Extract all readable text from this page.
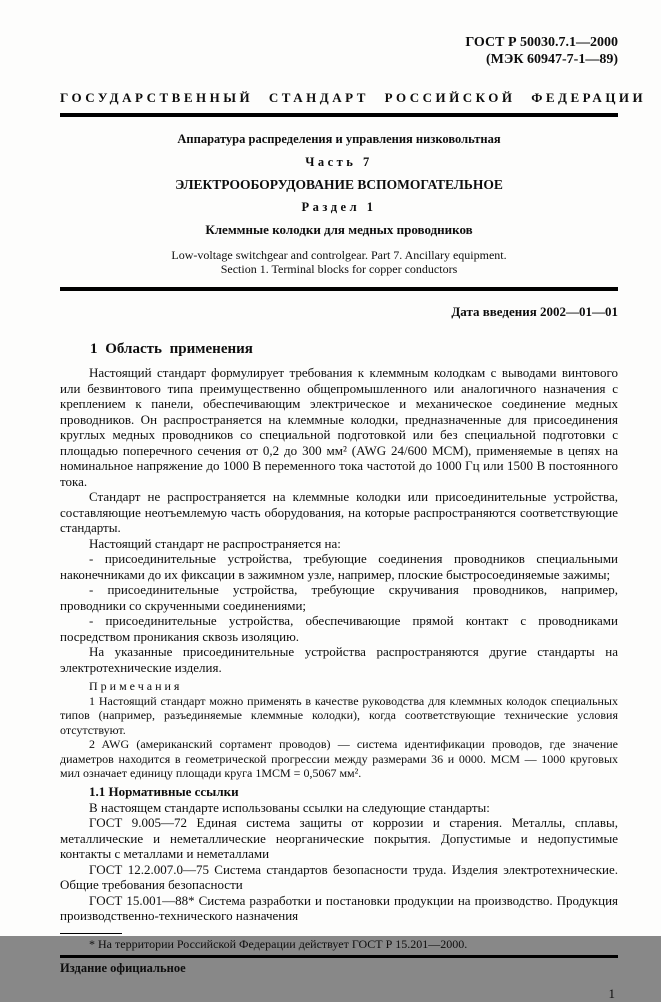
ГОСТ Р 50030.7.1—2000
(МЭК 60947-7-1—89)
ГОСУДАРСТВЕННЫЙ СТАНДАРТ РОССИЙСКОЙ ФЕДЕРАЦИИ
Аппаратура распределения и управления низковольтная
Часть 7
ЭЛЕКТРООБОРУДОВАНИЕ ВСПОМОГАТЕЛЬНОЕ
Раздел 1
Клеммные колодки для медных проводников
Low-voltage switchgear and controlgear. Part 7. Ancillary equipment.
Section 1. Terminal blocks for copper conductors
Дата введения 2002—01—01
1 Область применения

Настоящий стандарт формулирует требования к клеммным колодкам с выводами винтового или безвинтового типа преимущественно общепромышленного или аналогичного назначения с креплением к панели, обеспечивающим электрическое и механическое соединение медных проводников. Он распространяется на клеммные колодки, предназначенные для присоединения круглых медных проводников со специальной подготовкой или без специальной подготовки с площадью поперечного сечения от 0,2 до 300 мм² (AWG 24/600 MCM), применяемые в цепях на номинальное напряжение до 1000 В переменного тока частотой до 1000 Гц или 1500 В постоянного тока.

Стандарт не распространяется на клеммные колодки или присоединительные устройства, составляющие неотъемлемую часть оборудования, на которые распространяются соответствующие стандарты.

Настоящий стандарт не распространяется на:

- присоединительные устройства, требующие соединения проводников специальными наконечниками до их фиксации в зажимном узле, например, плоские быстросоединяемые зажимы;

- присоединительные устройства, требующие скручивания проводников, например, проводники со скрученными соединениями;

- присоединительные устройства, обеспечивающие прямой контакт с проводниками посредством проникания сквозь изоляцию.

На указанные присоединительные устройства распространяются другие стандарты на электротехнические изделия.

Примечания

1 Настоящий стандарт можно применять в качестве руководства для клеммных колодок специальных типов (например, разъединяемые клеммные колодки), когда соответствующие технические условия отсутствуют.

2 AWG (американский сортамент проводов) — система идентификации проводов, где значение диаметров находится в геометрической прогрессии между размерами 36 и 0000. МСМ — 1000 круговых мил означает единицу площади круга 1МСМ = 0,5067 мм².

1.1 Нормативные ссылки

В настоящем стандарте использованы ссылки на следующие стандарты:

ГОСТ 9.005—72 Единая система защиты от коррозии и старения. Металлы, сплавы, металлические и неметаллические неорганические покрытия. Допустимые и недопустимые контакты с металлами и неметаллами

ГОСТ 12.2.007.0—75 Система стандартов безопасности труда. Изделия электротехнические. Общие требования безопасности

ГОСТ 15.001—88* Система разработки и постановки продукции на производство. Продукция производственно-технического назначения

* На территории Российской Федерации действует ГОСТ Р 15.201—2000.

Издание официальное
1
